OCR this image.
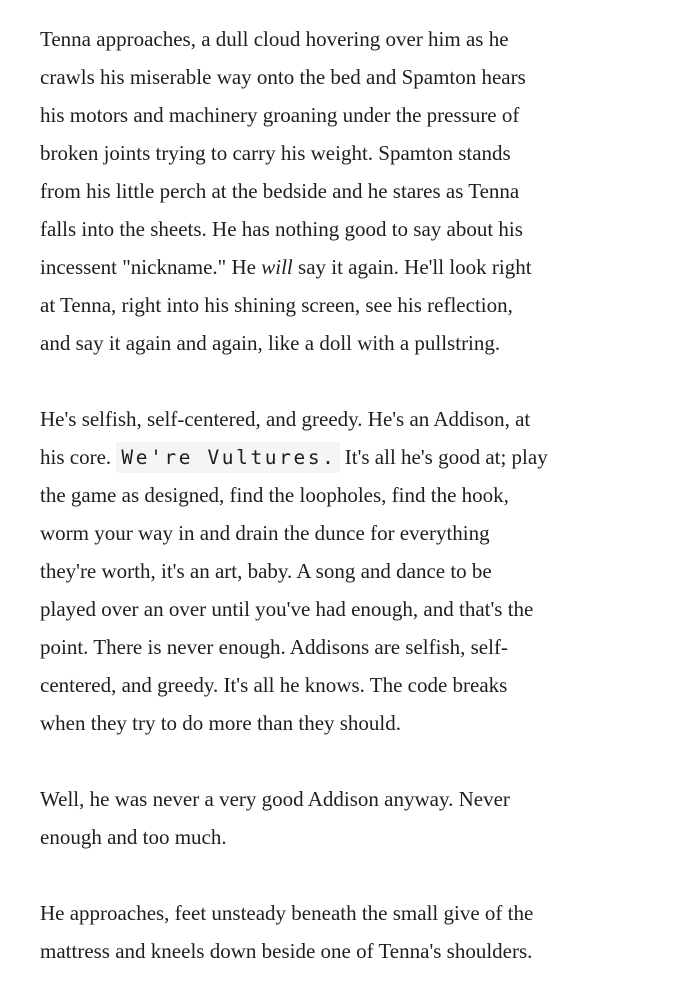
Tenna approaches, a dull cloud hovering over him as he
crawls his miserable way onto the bed and Spamton hears
his motors and machinery groaning under the pressure of
broken joints trying to carry his weight. Spamton stands
from his little perch at the bedside and he stares as Tenna
falls into the sheets. He has nothing good to say about his
incessent "nickname." He will say it again. He'll look right
at Tenna, right into his shining screen, see his reflection,
and say it again and again, like a doll with a pullstring.
He's selfish, self-centered, and greedy. He's an Addison, at
his core. We're Vultures. It's all he's good at; play
the game as designed, find the loopholes, find the hook,
worm your way in and drain the dunce for everything
they're worth, it's an art, baby. A song and dance to be
played over an over until you've had enough, and that's the
point. There is never enough. Addisons are selfish, self-
centered, and greedy. It's all he knows. The code breaks
when they try to do more than they should.
Well, he was never a very good Addison anyway. Never
enough and too much.
He approaches, feet unsteady beneath the small give of the
mattress and kneels down beside one of Tenna's shoulders.
